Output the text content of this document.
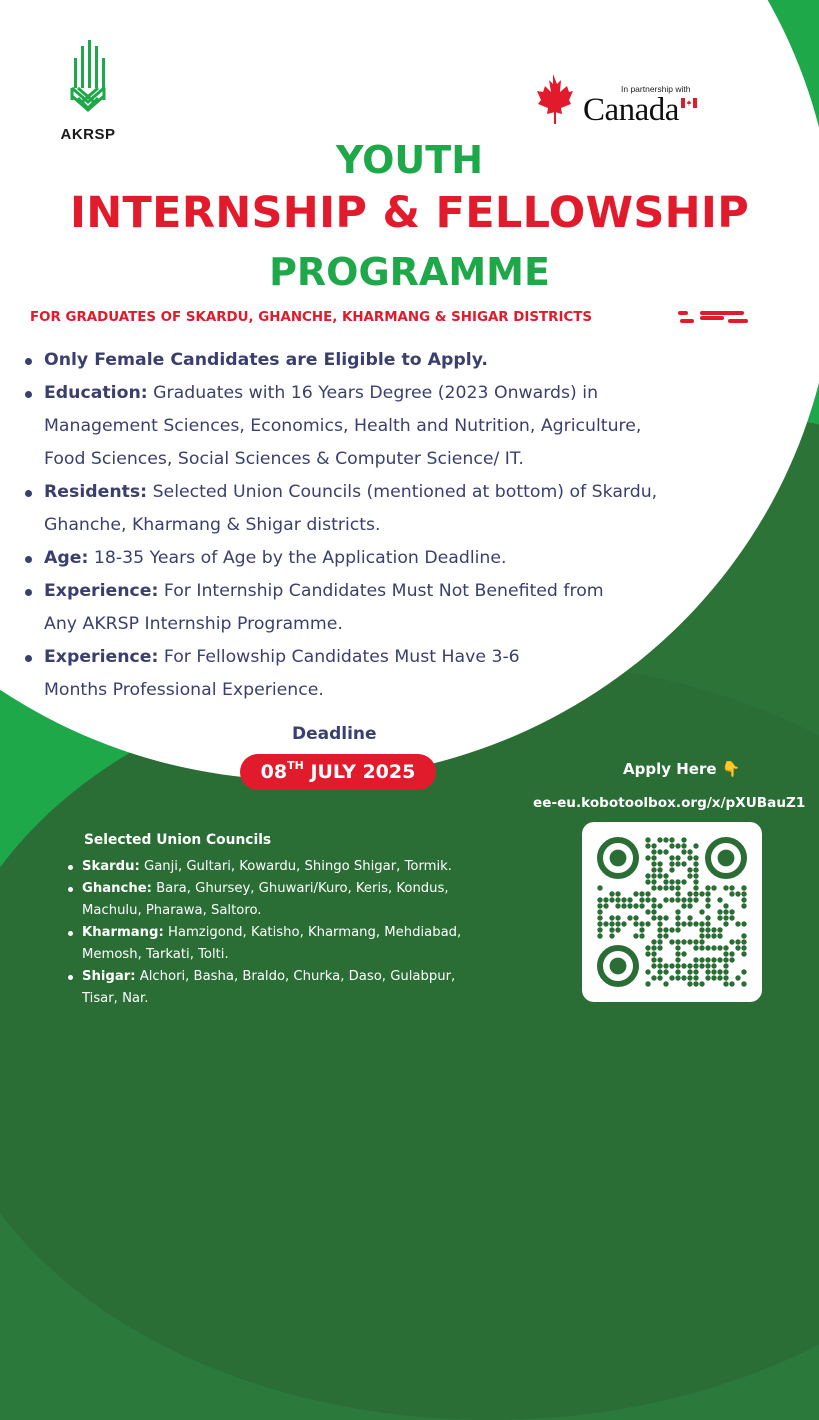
AKRSP
In partnership with
Canada
YOUTH
INTERNSHIP & FELLOWSHIP
PROGRAMME
FOR GRADUATES OF SKARDU, GHANCHE, KHARMANG & SHIGAR DISTRICTS
Only Female Candidates are Eligible to Apply.
Education: Graduates with 16 Years Degree (2023 Onwards) in
Management Sciences, Economics, Health and Nutrition, Agriculture,
Food Sciences, Social Sciences & Computer Science/ IT.
Residents: Selected Union Councils (mentioned at bottom) of Skardu,
Ghanche, Kharmang & Shigar districts.
Age: 18-35 Years of Age by the Application Deadline.
Experience: For Internship Candidates Must Not Benefited from
Any AKRSP Internship Programme.
Experience: For Fellowship Candidates Must Have 3-6
Months Professional Experience.
Deadline
08TH JULY 2025	Apply Here 👇
ee-eu.kobotoolbox.org/x/pXUBauZ1
Selected Union Councils
Skardu: Ganji, Gultari, Kowardu, Shingo Shigar, Tormik.
Ghanche: Bara, Ghursey, Ghuwari/Kuro, Keris, Kondus,
Machulu, Pharawa, Saltoro.
Kharmang: Hamzigond, Katisho, Kharmang, Mehdiabad,
Memosh, Tarkati, Tolti.
Shigar: Alchori, Basha, Braldo, Churka, Daso, Gulabpur,
Tisar, Nar.
